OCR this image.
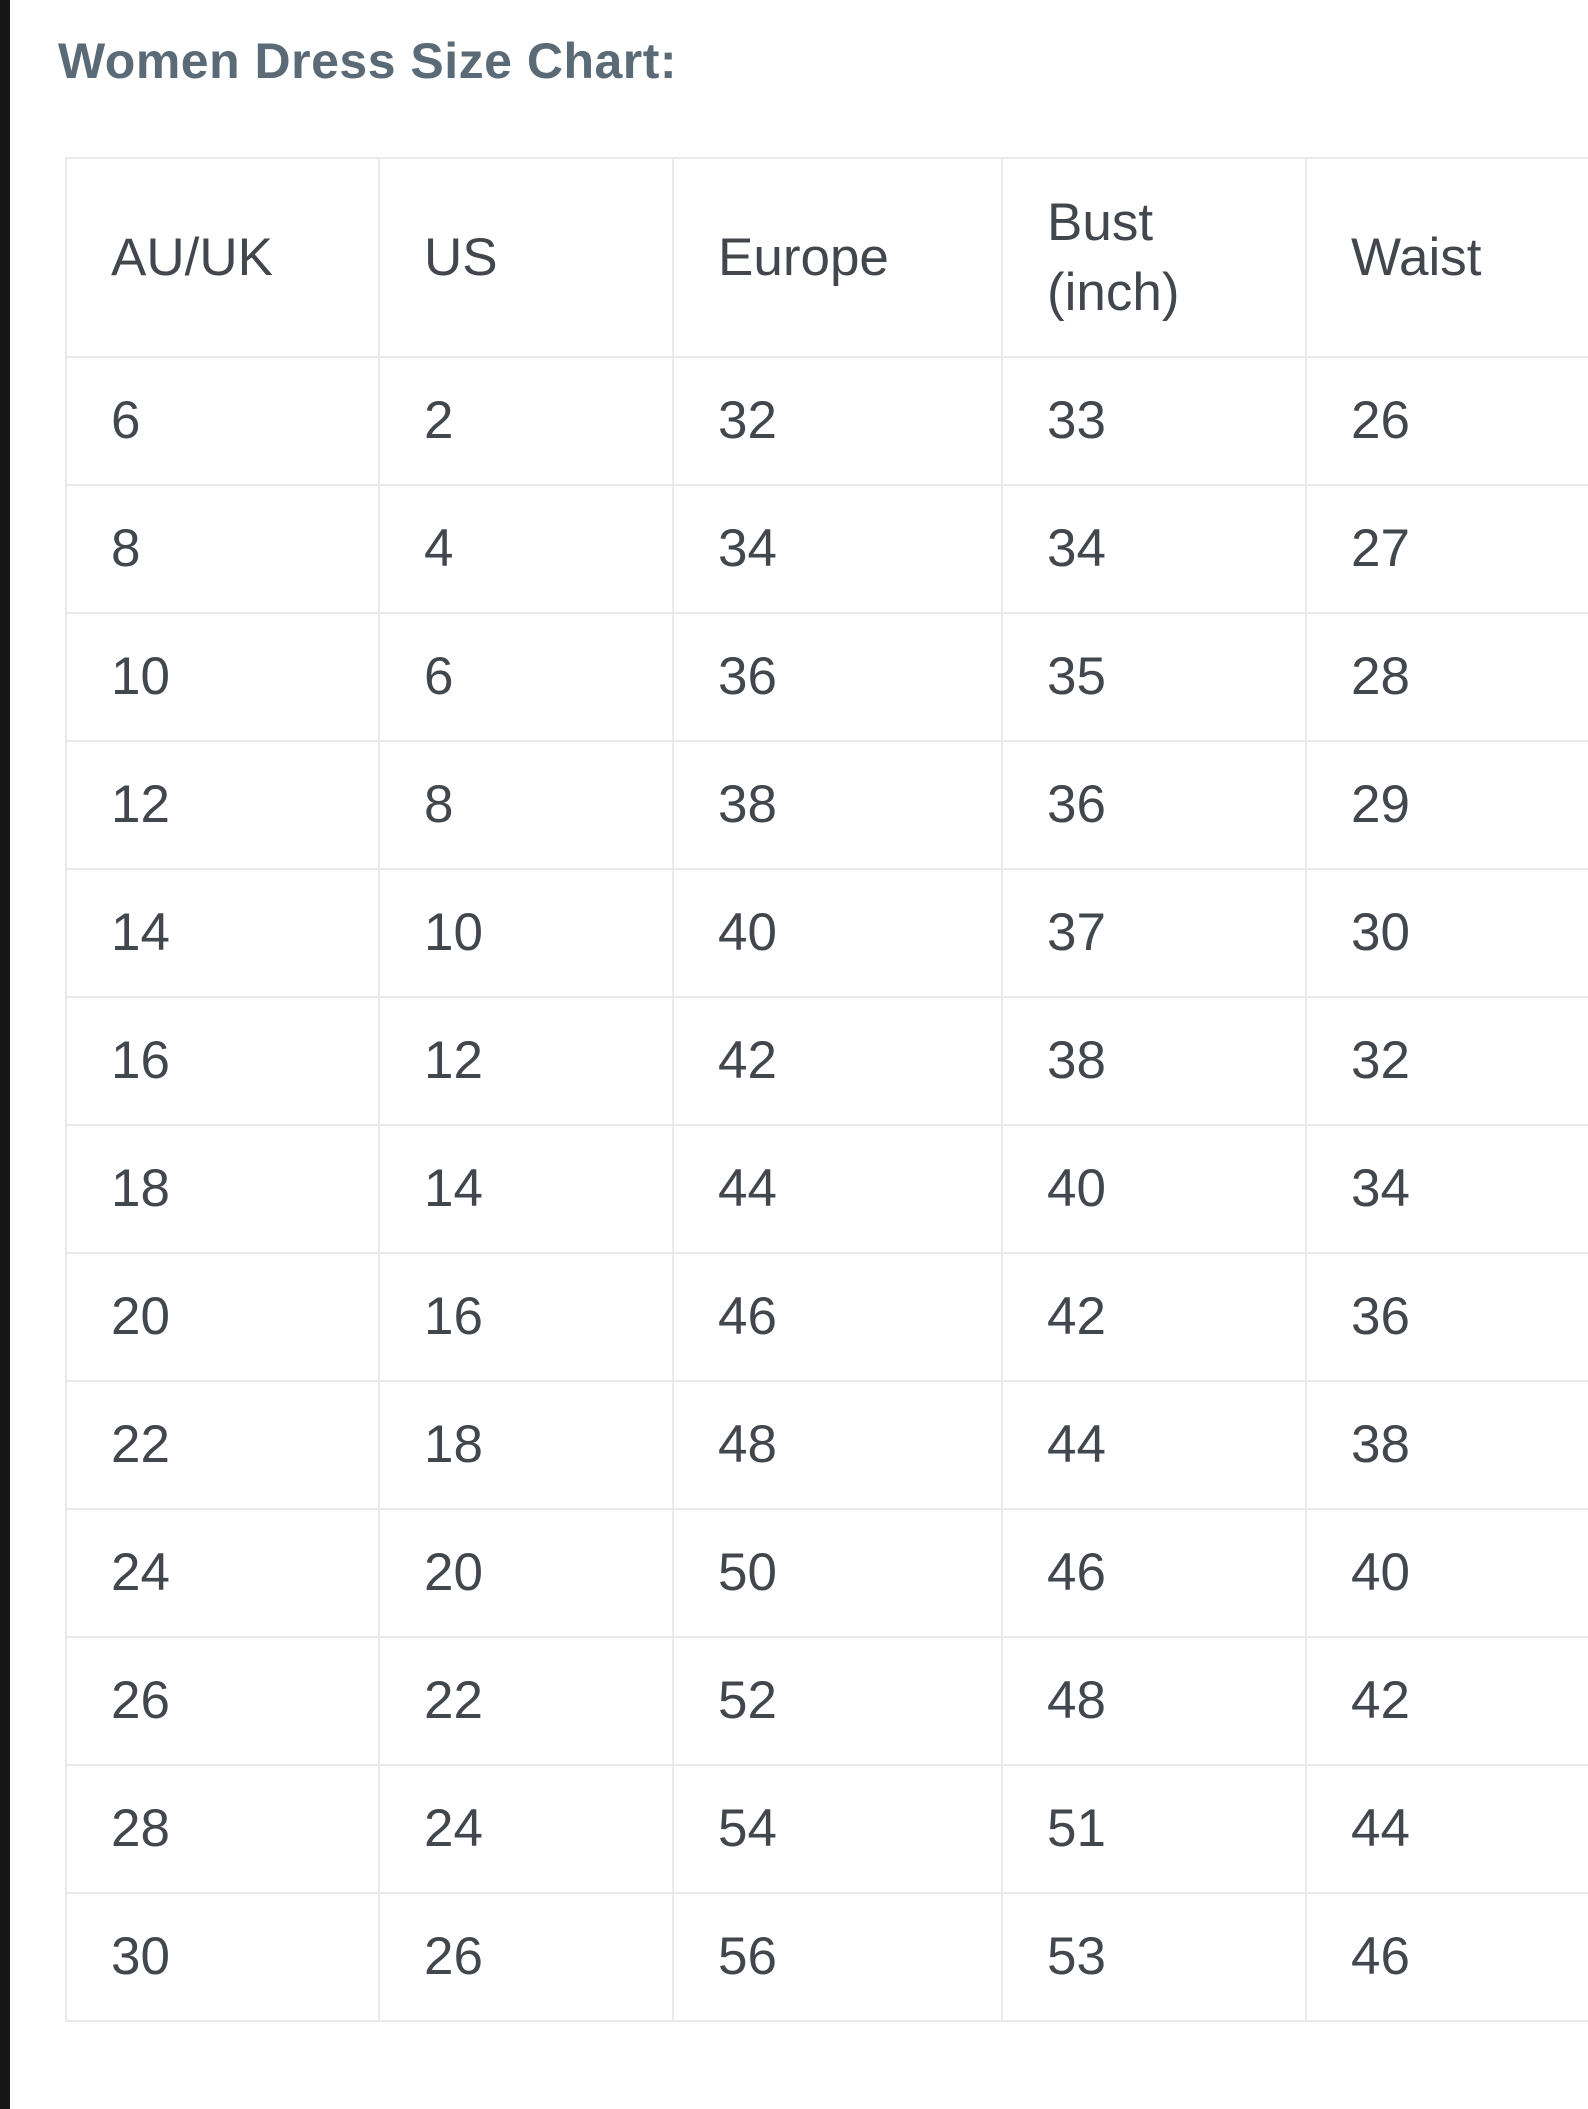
Women Dress Size Chart:
AU/UK	US	Europe	Bust (inch)	Waist
6	2	32	33	26
8	4	34	34	27
10	6	36	35	28
12	8	38	36	29
14	10	40	37	30
16	12	42	38	32
18	14	44	40	34
20	16	46	42	36
22	18	48	44	38
24	20	50	46	40
26	22	52	48	42
28	24	54	51	44
30	26	56	53	46
